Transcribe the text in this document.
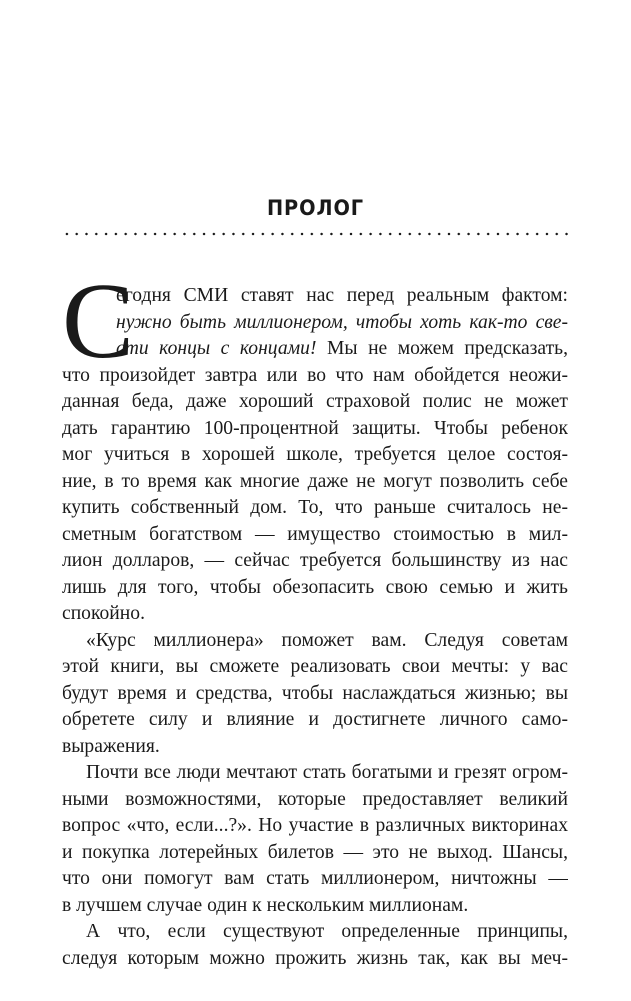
ПРОЛОГ
С
егодня СМИ ставят нас перед реальным фактом:
нужно быть миллионером, чтобы хоть как-то све-
сти концы с концами! Мы не можем предсказать,
что произойдет завтра или во что нам обойдется неожи-
данная беда, даже хороший страховой полис не может
дать гарантию 100-процентной защиты. Чтобы ребенок
мог учиться в хорошей школе, требуется целое состоя-
ние, в то время как многие даже не могут позволить себе
купить собственный дом. То, что раньше считалось не-
сметным богатством — имущество стоимостью в мил-
лион долларов, — сейчас требуется большинству из нас
лишь для того, чтобы обезопасить свою семью и жить
спокойно.
«Курс миллионера» поможет вам. Следуя советам
этой книги, вы сможете реализовать свои мечты: у вас
будут время и средства, чтобы наслаждаться жизнью; вы
обретете силу и влияние и достигнете личного само-
выражения.
Почти все люди мечтают стать богатыми и грезят огром-
ными возможностями, которые предоставляет великий
вопрос «что, если...?». Но участие в различных викторинах
и покупка лотерейных билетов — это не выход. Шансы,
что они помогут вам стать миллионером, ничтожны —
в лучшем случае один к нескольким миллионам.
А что, если существуют определенные принципы,
следуя которым можно прожить жизнь так, как вы меч-
